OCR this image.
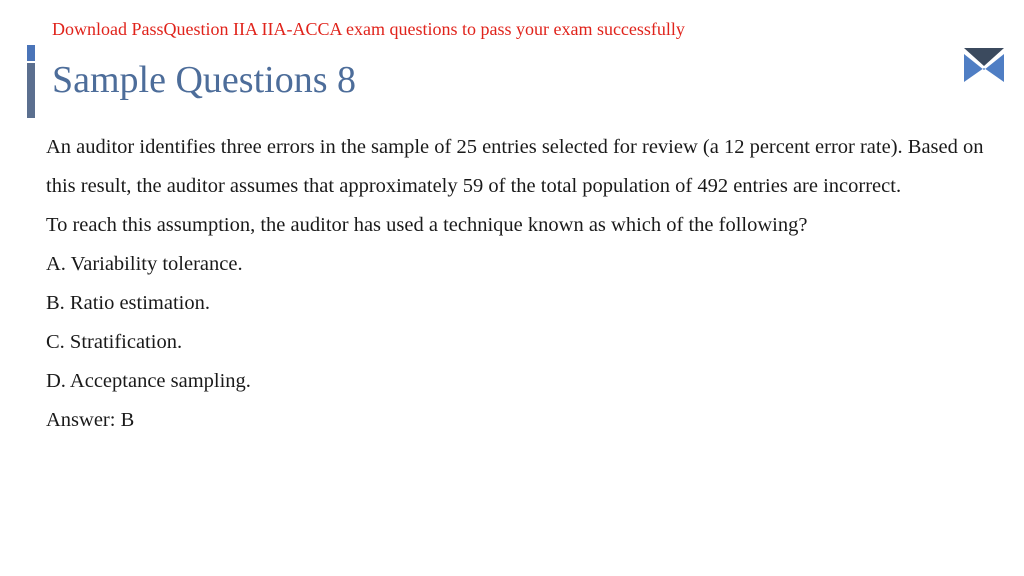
Download PassQuestion IIA IIA-ACCA exam questions to pass your exam successfully
Sample Questions 8

An auditor identifies three errors in the sample of 25 entries selected for review (a 12 percent error rate). Based on this result, the auditor assumes that approximately 59 of the total population of 492 entries are incorrect.

To reach this assumption, the auditor has used a technique known as which of the following?

A. Variability tolerance.

B. Ratio estimation.

C. Stratification.

D. Acceptance sampling.

Answer: B
